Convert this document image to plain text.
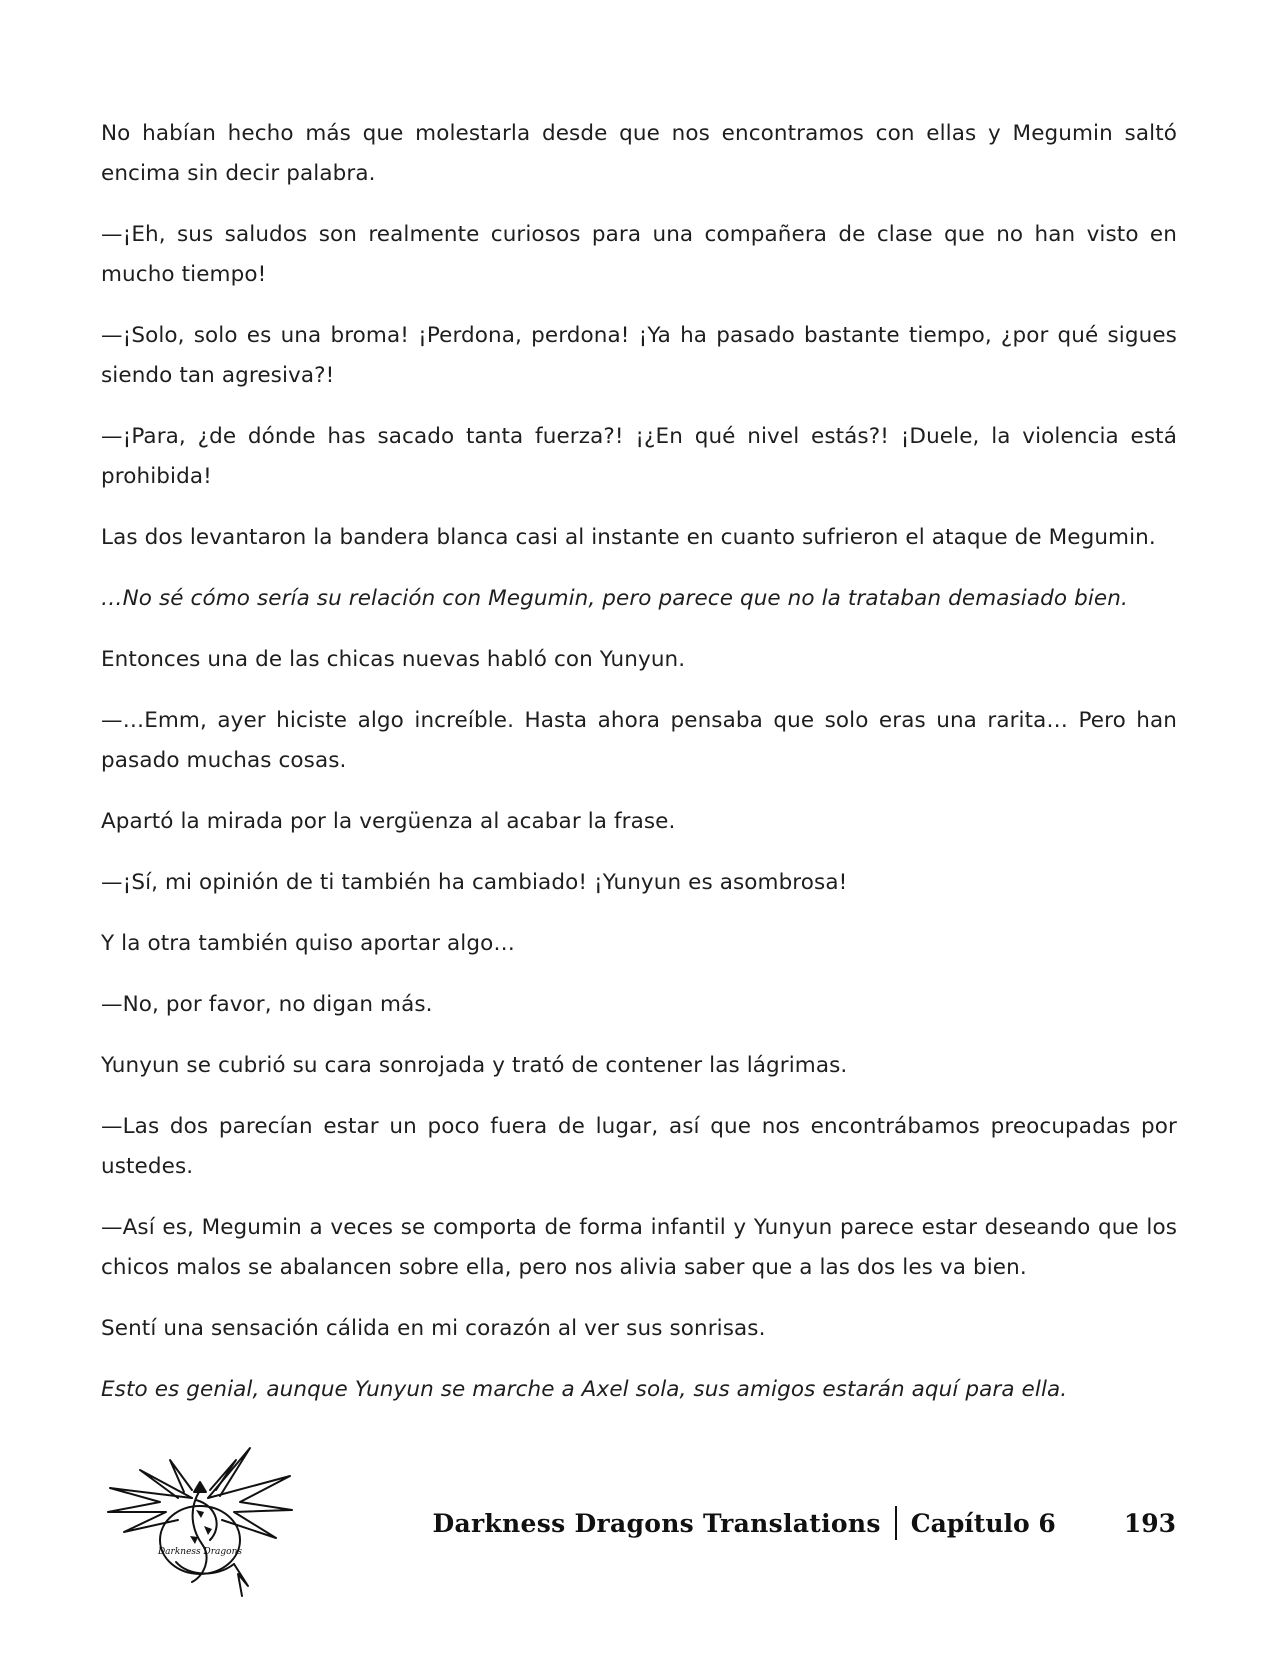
No habían hecho más que molestarla desde que nos encontramos con ellas y Megumin saltó encima sin decir palabra.

—¡Eh, sus saludos son realmente curiosos para una compañera de clase que no han visto en mucho tiempo!

—¡Solo, solo es una broma! ¡Perdona, perdona! ¡Ya ha pasado bastante tiempo, ¿por qué sigues siendo tan agresiva?!

—¡Para, ¿de dónde has sacado tanta fuerza?! ¡¿En qué nivel estás?! ¡Duele, la violencia está prohibida!

Las dos levantaron la bandera blanca casi al instante en cuanto sufrieron el ataque de Megumin.

…No sé cómo sería su relación con Megumin, pero parece que no la trataban demasiado bien.

Entonces una de las chicas nuevas habló con Yunyun.

—…Emm, ayer hiciste algo increíble. Hasta ahora pensaba que solo eras una rarita… Pero han pasado muchas cosas.

Apartó la mirada por la vergüenza al acabar la frase.

—¡Sí, mi opinión de ti también ha cambiado! ¡Yunyun es asombrosa!

Y la otra también quiso aportar algo…

—No, por favor, no digan más.

Yunyun se cubrió su cara sonrojada y trató de contener las lágrimas.

—Las dos parecían estar un poco fuera de lugar, así que nos encontrábamos preocupadas por ustedes.

—Así es, Megumin a veces se comporta de forma infantil y Yunyun parece estar deseando que los chicos malos se abalancen sobre ella, pero nos alivia saber que a las dos les va bien.

Sentí una sensación cálida en mi corazón al ver sus sonrisas.

Esto es genial, aunque Yunyun se marche a Axel sola, sus amigos estarán aquí para ella.

Darkness Dragons
Darkness Dragons Translations Capítulo 6	193
